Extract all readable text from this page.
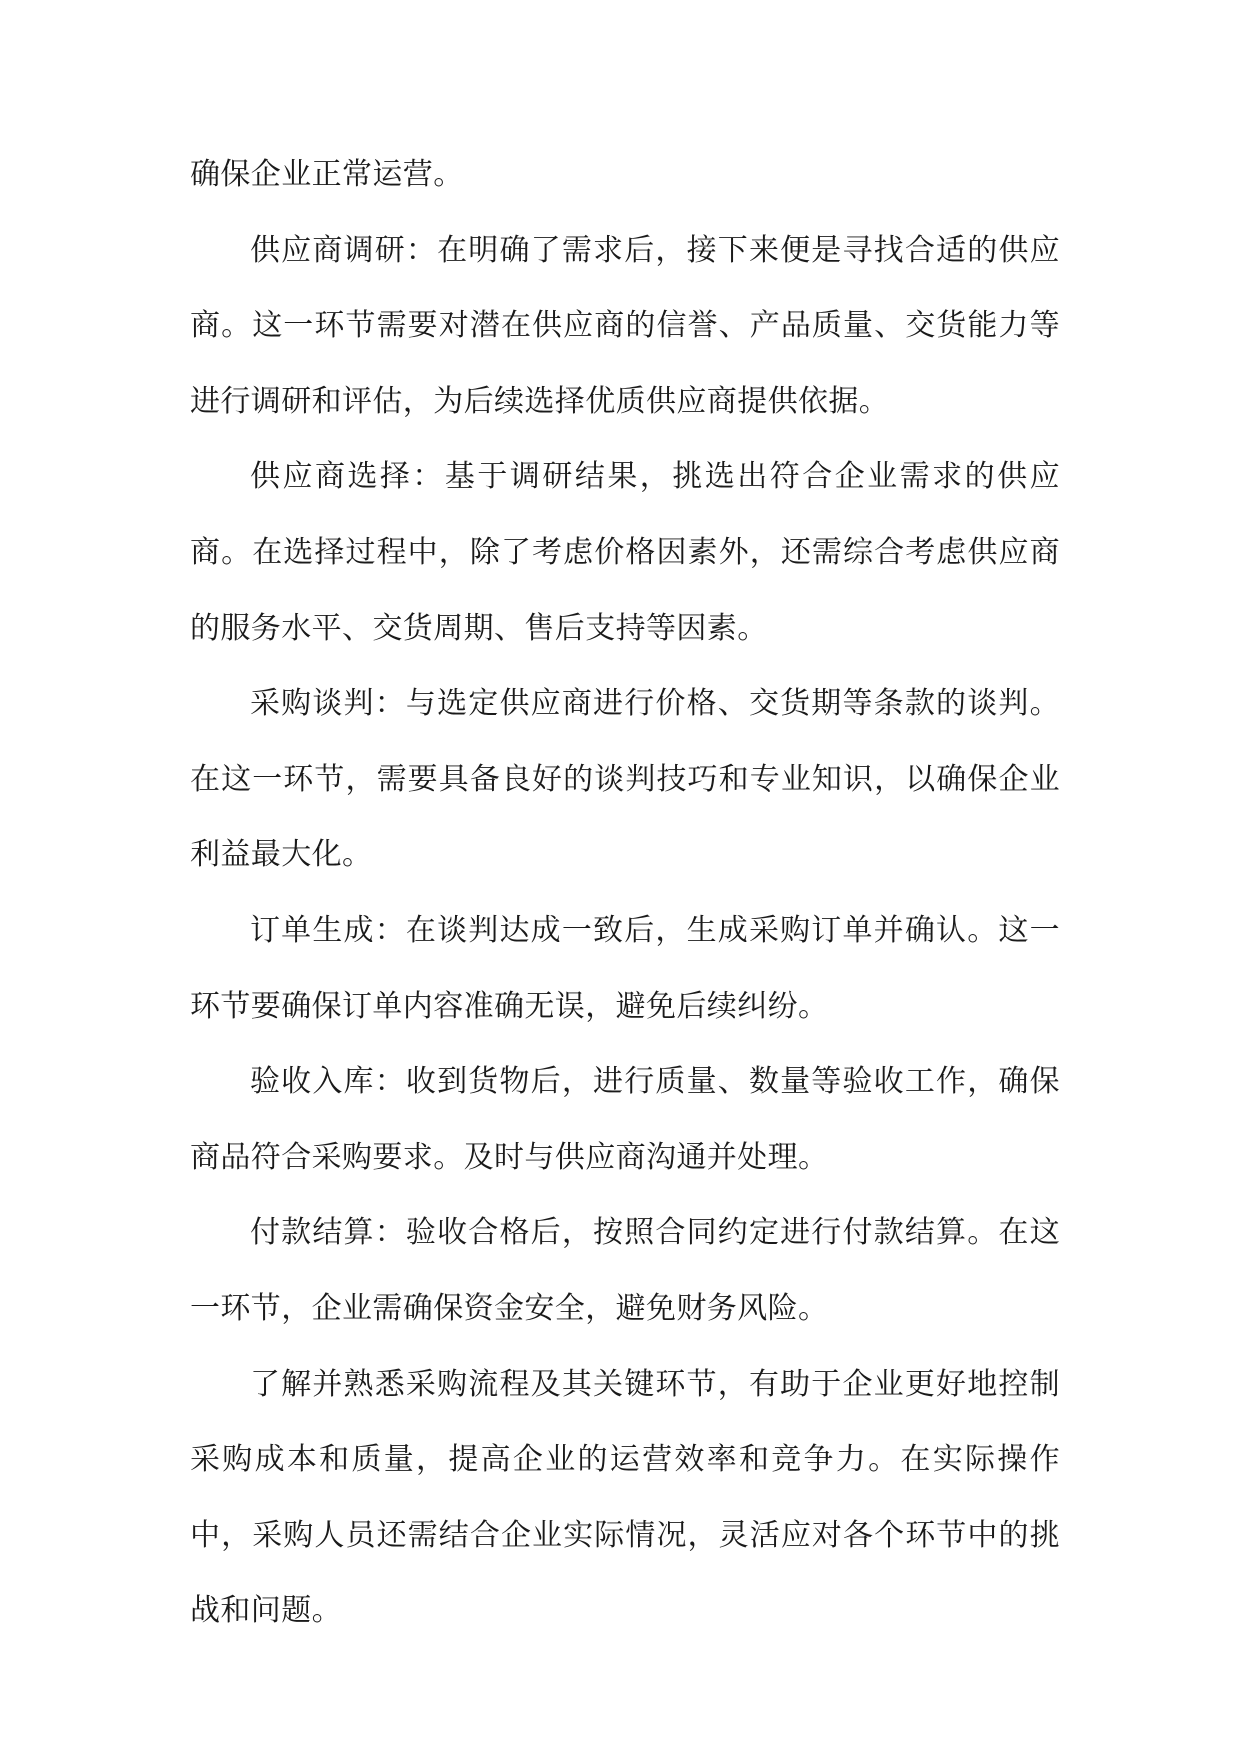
确保企业正常运营。

供应商调研：在明确了需求后，接下来便是寻找合适的供应商。这一环节需要对潜在供应商的信誉、产品质量、交货能力等进行调研和评估，为后续选择优质供应商提供依据。

供应商选择：基于调研结果，挑选出符合企业需求的供应商。在选择过程中，除了考虑价格因素外，还需综合考虑供应商的服务水平、交货周期、售后支持等因素。

采购谈判：与选定供应商进行价格、交货期等条款的谈判。在这一环节，需要具备良好的谈判技巧和专业知识，以确保企业利益最大化。

订单生成：在谈判达成一致后，生成采购订单并确认。这一环节要确保订单内容准确无误，避免后续纠纷。

验收入库：收到货物后，进行质量、数量等验收工作，确保商品符合采购要求。及时与供应商沟通并处理。

付款结算：验收合格后，按照合同约定进行付款结算。在这一环节，企业需确保资金安全，避免财务风险。

了解并熟悉采购流程及其关键环节，有助于企业更好地控制采购成本和质量，提高企业的运营效率和竞争力。在实际操作中，采购人员还需结合企业实际情况，灵活应对各个环节中的挑战和问题。
